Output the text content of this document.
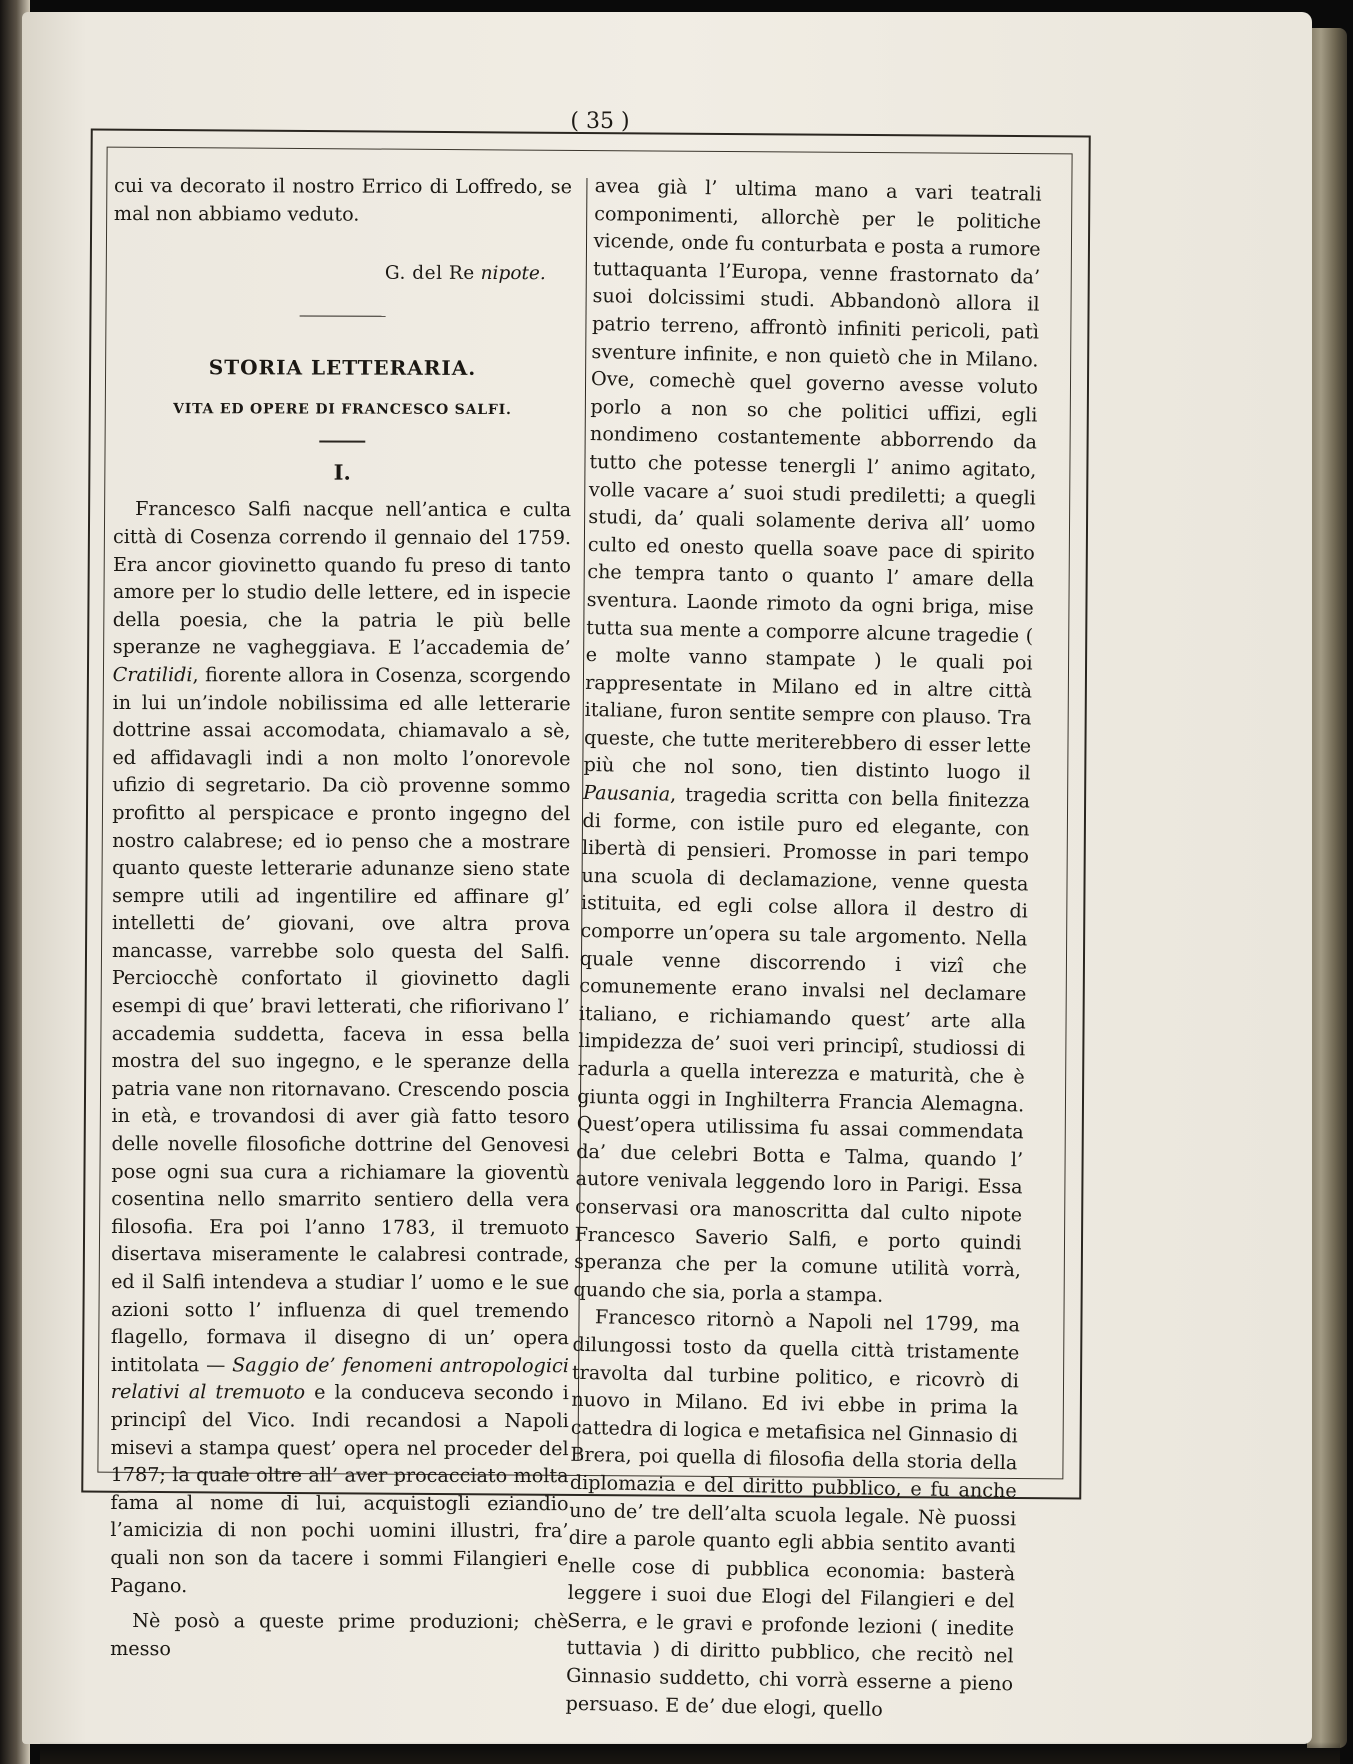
( 35 )

cui va decorato il nostro Errico di Loffredo, se mal non abbiamo veduto.

G. del Re nipote.
STORIA LETTERARIA.
VITA ED OPERE DI FRANCESCO SALFI.
I.

Francesco Salfi nacque nell’antica e culta città di Cosenza correndo il gennaio del 1759. Era ancor giovinetto quando fu preso di tanto amore per lo studio delle lettere, ed in ispecie della poesia, che la patria le più belle speranze ne vagheggiava. E l’accademia de’ Cratilidi, fiorente allora in Cosenza, scorgendo in lui un’indole nobilissima ed alle letterarie dottrine assai accomodata, chiamavalo a sè, ed affidavagli indi a non molto l’onorevole ufizio di segretario. Da ciò provenne sommo profitto al perspicace e pronto ingegno del nostro calabrese; ed io penso che a mostrare quanto queste letterarie adunanze sieno state sempre utili ad ingentilire ed affinare gl’ intelletti de’ giovani, ove altra prova mancasse, varrebbe solo questa del Salfi. Perciocchè confortato il giovinetto dagli esempi di que’ bravi letterati, che rifiorivano l’ accademia suddetta, faceva in essa bella mostra del suo ingegno, e le speranze della patria vane non ritornavano. Crescendo poscia in età, e trovandosi di aver già fatto tesoro delle novelle filosofiche dottrine del Genovesi pose ogni sua cura a richiamare la gioventù cosentina nello smarrito sentiero della vera filosofia. Era poi l’anno 1783, il tremuoto disertava miseramente le calabresi contrade, ed il Salfi intendeva a studiar l’ uomo e le sue azioni sotto l’ influenza di quel tremendo flagello, formava il disegno di un’ opera intitolata — Saggio de’ fenomeni antropologici relativi al tremuoto e la conduceva secondo i principî del Vico. Indi recandosi a Napoli misevi a stampa quest’ opera nel proceder del 1787; la quale oltre all’ aver procacciato molta fama al nome di lui, acquistogli eziandio l’amicizia di non pochi uomini illustri, fra’ quali non son da tacere i sommi Filangieri e Pagano.

Nè posò a queste prime produzioni; chè messo

avea già l’ ultima mano a vari teatrali componimenti, allorchè per le politiche vicende, onde fu conturbata e posta a rumore tuttaquanta l’Europa, venne frastornato da’ suoi dolcissimi studi. Abbandonò allora il patrio terreno, affrontò infiniti pericoli, patì sventure infinite, e non quietò che in Milano. Ove, comechè quel governo avesse voluto porlo a non so che politici uffizi, egli nondimeno costantemente abborrendo da tutto che potesse tenergli l’ animo agitato, volle vacare a’ suoi studi prediletti; a quegli studi, da’ quali solamente deriva all’ uomo culto ed onesto quella soave pace di spirito che tempra tanto o quanto l’ amare della sventura. Laonde rimoto da ogni briga, mise tutta sua mente a comporre alcune tragedie ( e molte vanno stampate ) le quali poi rappresentate in Milano ed in altre città italiane, furon sentite sempre con plauso. Tra queste, che tutte meriterebbero di esser lette più che nol sono, tien distinto luogo il Pausania, tragedia scritta con bella finitezza di forme, con istile puro ed elegante, con libertà di pensieri. Promosse in pari tempo una scuola di declamazione, venne questa istituita, ed egli colse allora il destro di comporre un’opera su tale argomento. Nella quale venne discorrendo i vizî che comunemente erano invalsi nel declamare italiano, e richiamando quest’ arte alla limpidezza de’ suoi veri principî, studiossi di radurla a quella interezza e maturità, che è giunta oggi in Inghilterra Francia Alemagna. Quest’opera utilissima fu assai commendata da’ due celebri Botta e Talma, quando l’ autore venivala leggendo loro in Parigi. Essa conservasi ora manoscritta dal culto nipote Francesco Saverio Salfi, e porto quindi speranza che per la comune utilità vorrà, quando che sia, porla a stampa.

Francesco ritornò a Napoli nel 1799, ma dilungossi tosto da quella città tristamente travolta dal turbine politico, e ricovrò di nuovo in Milano. Ed ivi ebbe in prima la cattedra di logica e metafisica nel Ginnasio di Brera, poi quella di filosofia della storia della diplomazia e del diritto pubblico, e fu anche uno de’ tre dell’alta scuola legale. Nè puossi dire a parole quanto egli abbia sentito avanti nelle cose di pubblica economia: basterà leggere i suoi due Elogi del Filangieri e del Serra, e le gravi e profonde lezioni ( inedite tuttavia ) di diritto pubblico, che recitò nel Ginnasio suddetto, chi vorrà esserne a pieno persuaso. E de’ due elogi, quello
